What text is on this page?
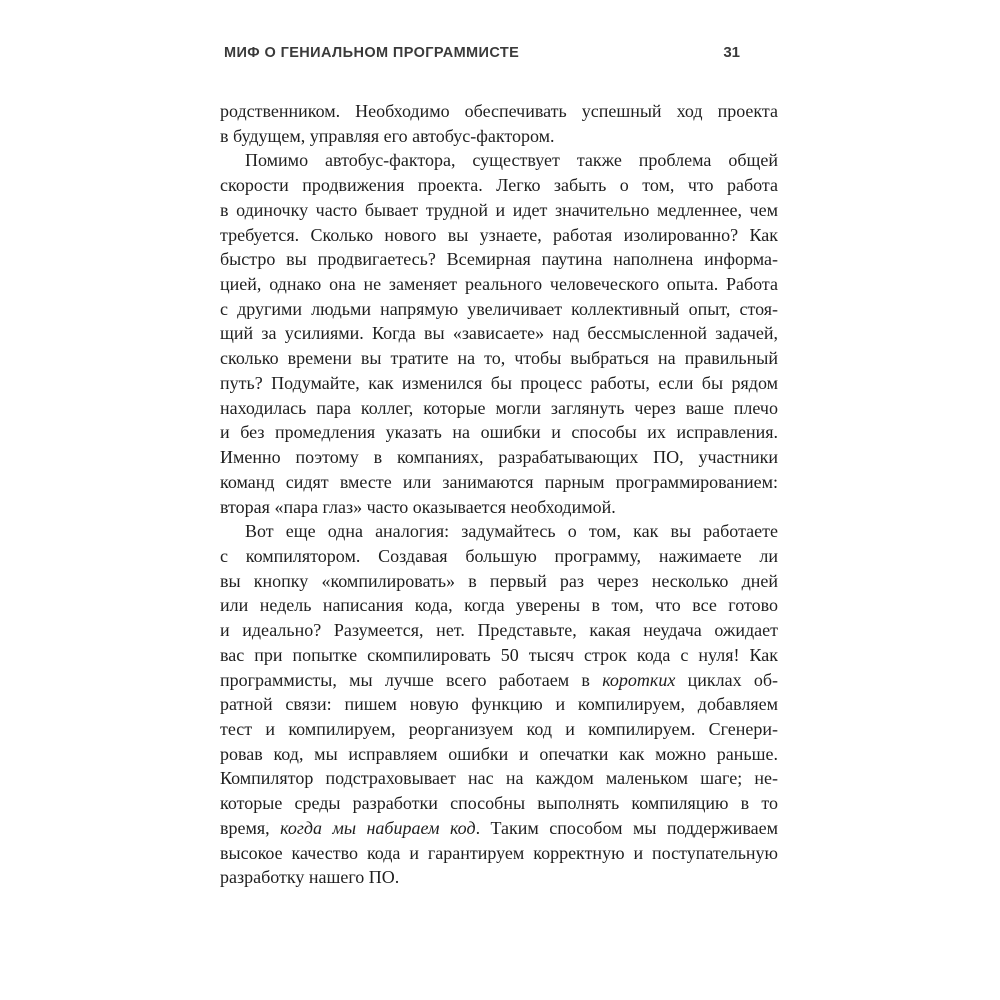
МИФ О ГЕНИАЛЬНОМ ПРОГРАММИСТЕ	31
родственником. Необходимо обеспечивать успешный ход проекта
в будущем, управляя его автобус-фактором.
Помимо автобус-фактора, существует также проблема общей
скорости продвижения проекта. Легко забыть о том, что работа
в одиночку часто бывает трудной и идет значительно медленнее, чем
требуется. Сколько нового вы узнаете, работая изолированно? Как
быстро вы продвигаетесь? Всемирная паутина наполнена информа-
цией, однако она не заменяет реального человеческого опыта. Работа
с другими людьми напрямую увеличивает коллективный опыт, стоя-
щий за усилиями. Когда вы «зависаете» над бессмысленной задачей,
сколько времени вы тратите на то, чтобы выбраться на правильный
путь? Подумайте, как изменился бы процесс работы, если бы рядом
находилась пара коллег, которые могли заглянуть через ваше плечо
и без промедления указать на ошибки и способы их исправления.
Именно поэтому в компаниях, разрабатывающих ПО, участники
команд сидят вместе или занимаются парным программированием:
вторая «пара глаз» часто оказывается необходимой.
Вот еще одна аналогия: задумайтесь о том, как вы работаете
с компилятором. Создавая большую программу, нажимаете ли
вы кнопку «компилировать» в первый раз через несколько дней
или недель написания кода, когда уверены в том, что все готово
и идеально? Разумеется, нет. Представьте, какая неудача ожидает
вас при попытке скомпилировать 50 тысяч строк кода с нуля! Как
программисты, мы лучше всего работаем в коротких циклах об-
ратной связи: пишем новую функцию и компилируем, добавляем
тест и компилируем, реорганизуем код и компилируем. Сгенери-
ровав код, мы исправляем ошибки и опечатки как можно раньше.
Компилятор подстраховывает нас на каждом маленьком шаге; не-
которые среды разработки способны выполнять компиляцию в то
время, когда мы набираем код. Таким способом мы поддерживаем
высокое качество кода и гарантируем корректную и поступательную
разработку нашего ПО.
